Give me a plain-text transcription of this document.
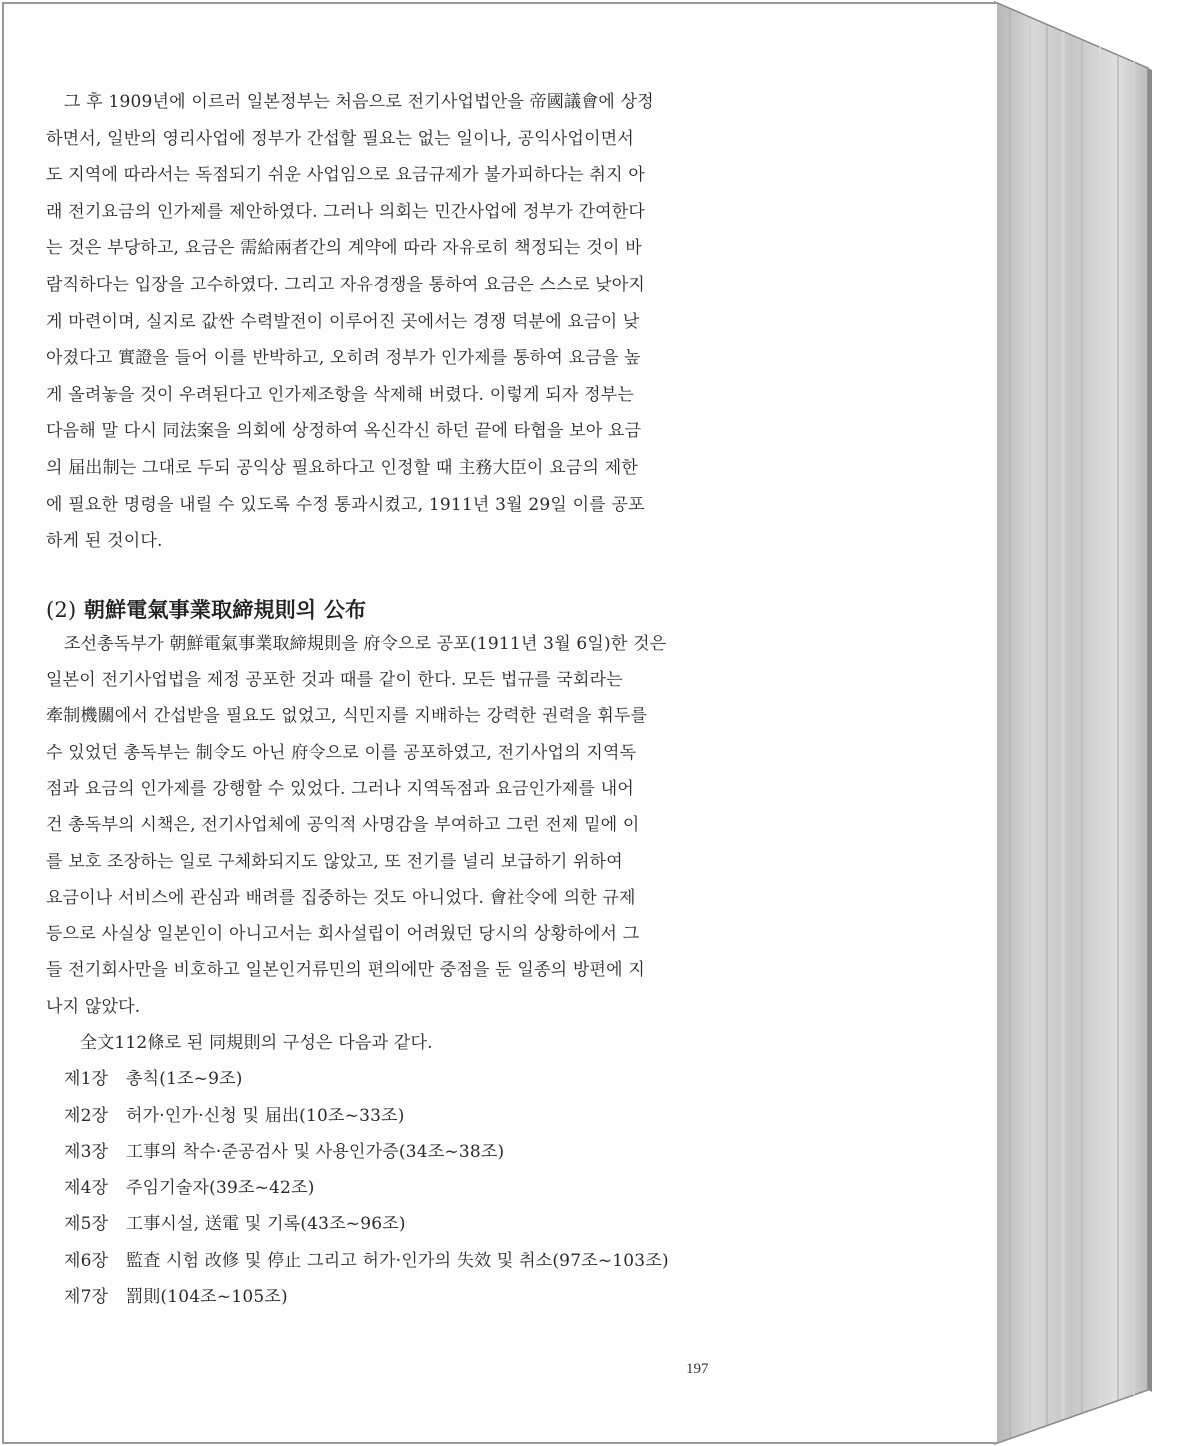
그 후 1909년에 이르러 일본정부는 처음으로 전기사업법안을 帝國議會에 상정
하면서, 일반의 영리사업에 정부가 간섭할 필요는 없는 일이나, 공익사업이면서
도 지역에 따라서는 독점되기 쉬운 사업임으로 요금규제가 불가피하다는 취지 아
래 전기요금의 인가제를 제안하였다. 그러나 의회는 민간사업에 정부가 간여한다
는 것은 부당하고, 요금은 需給兩者간의 계약에 따라 자유로히 책정되는 것이 바
람직하다는 입장을 고수하였다. 그리고 자유경쟁을 통하여 요금은 스스로 낮아지
게 마련이며, 실지로 값싼 수력발전이 이루어진 곳에서는 경쟁 덕분에 요금이 낮
아졌다고 實證을 들어 이를 반박하고, 오히려 정부가 인가제를 통하여 요금을 높
게 올려놓을 것이 우려된다고 인가제조항을 삭제해 버렸다. 이렇게 되자 정부는
다음해 말 다시 同法案을 의회에 상정하여 옥신각신 하던 끝에 타협을 보아 요금
의 届出制는 그대로 두되 공익상 필요하다고 인정할 때 主務大臣이 요금의 제한
에 필요한 명령을 내릴 수 있도록 수정 통과시켰고, 1911년 3월 29일 이를 공포
하게 된 것이다.

(2) 朝鮮電氣事業取締規則의 公布

조선총독부가 朝鮮電氣事業取締規則을 府令으로 공포(1911년 3월 6일)한 것은
일본이 전기사업법을 제정 공포한 것과 때를 같이 한다. 모든 법규를 국회라는
牽制機關에서 간섭받을 필요도 없었고, 식민지를 지배하는 강력한 권력을 휘두를
수 있었던 총독부는 制令도 아닌 府令으로 이를 공포하였고, 전기사업의 지역독
점과 요금의 인가제를 강행할 수 있었다. 그러나 지역독점과 요금인가제를 내어
건 총독부의 시책은, 전기사업체에 공익적 사명감을 부여하고 그런 전제 밑에 이
를 보호 조장하는 일로 구체화되지도 않았고, 또 전기를 널리 보급하기 위하여
요금이나 서비스에 관심과 배려를 집중하는 것도 아니었다. 會社令에 의한 규제
등으로 사실상 일본인이 아니고서는 회사설립이 어려웠던 당시의 상황하에서 그
들 전기회사만을 비호하고 일본인거류민의 편의에만 중점을 둔 일종의 방편에 지
나지 않았다.

全文112條로 된 同規則의 구성은 다음과 같다.

제1장	총칙(1조~9조)
제2장	허가·인가·신청 및 届出(10조~33조)
제3장	工事의 착수·준공검사 및 사용인가증(34조~38조)
제4장	주임기술자(39조~42조)
제5장	工事시설, 送電 및 기록(43조~96조)
제6장	監査 시험 改修 및 停止 그리고 허가·인가의 失效 및 취소(97조~103조)
제7장	罰則(104조~105조)
197
